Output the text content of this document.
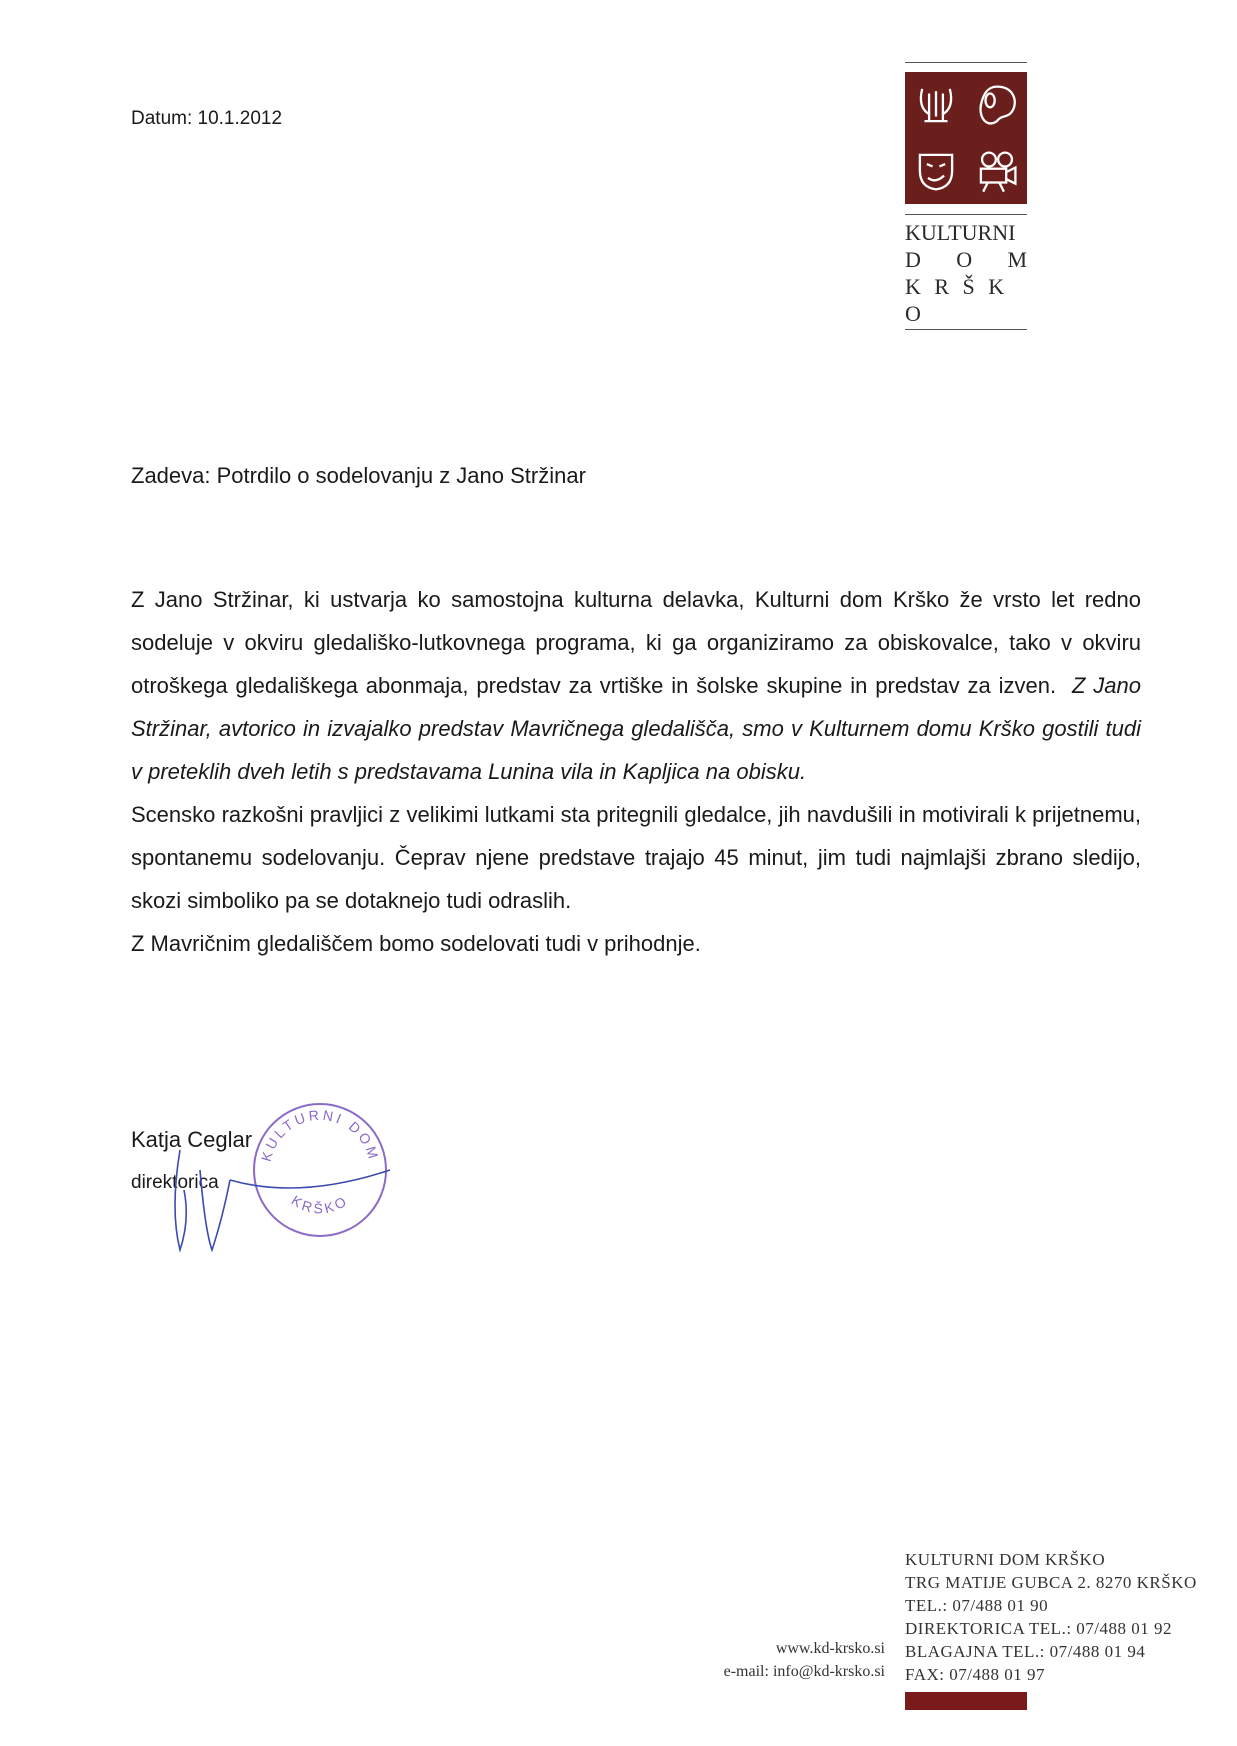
Datum: 10.1.2012
KULTURNI
D O M
K R Š K O
Zadeva: Potrdilo o sodelovanju z Jano Stržinar

Z Jano Stržinar, ki ustvarja ko samostojna kulturna delavka, Kulturni dom Krško že vrsto let redno sodeluje v okviru gledališko-lutkovnega programa, ki ga organiziramo za obiskovalce, tako v okviru otroškega gledališkega abonmaja, predstav za vrtiške in šolske skupine in predstav za izven. Z Jano Stržinar, avtorico in izvajalko predstav Mavričnega gledališča, smo v Kulturnem domu Krško gostili tudi v preteklih dveh letih s predstavama Lunina vila in Kapljica na obisku.

Scensko razkošni pravljici z velikimi lutkami sta pritegnili gledalce, jih navdušili in motivirali k prijetnemu, spontanemu sodelovanju. Čeprav njene predstave trajajo 45 minut, jim tudi najmlajši zbrano sledijo, skozi simboliko pa se dotaknejo tudi odraslih.

Z Mavričnim gledališčem bomo sodelovati tudi v prihodnje.

Katja Ceglar
direktorica
KULTURNI DOM
KRŠKO
www.kd-krsko.si
e-mail: info@kd-krsko.si
KULTURNI DOM KRŠKO
TRG MATIJE GUBCA 2. 8270 KRŠKO
TEL.: 07/488 01 90
DIREKTORICA TEL.: 07/488 01 92
BLAGAJNA TEL.: 07/488 01 94
FAX: 07/488 01 97
